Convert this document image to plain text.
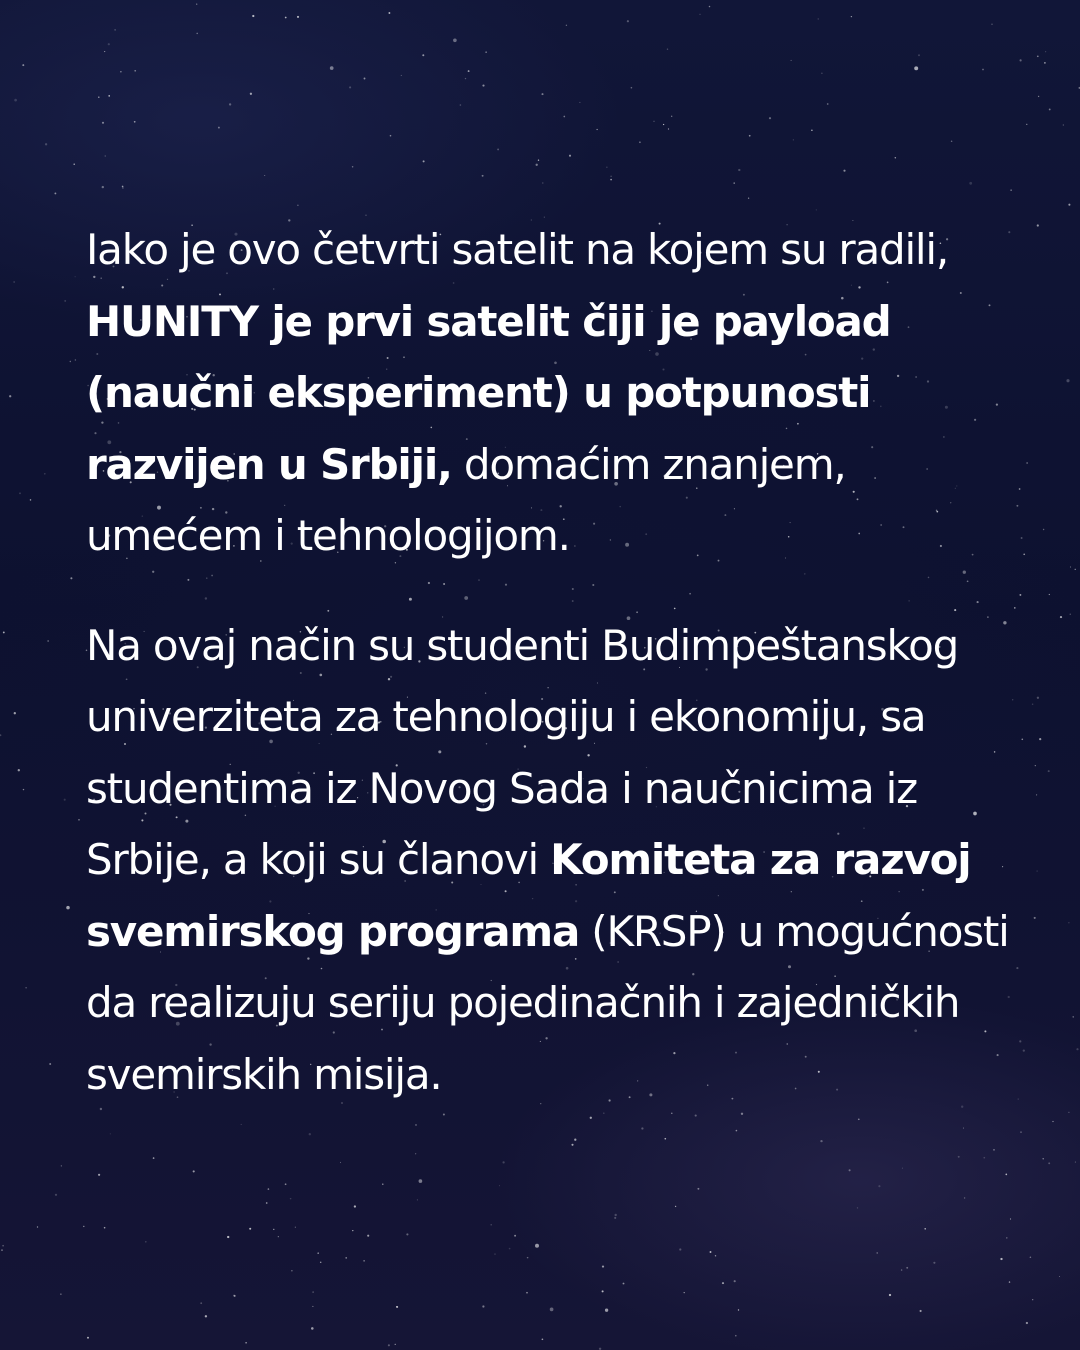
Iako je ovo četvrti satelit na kojem su radili, HUNITY je prvi satelit čiji je payload (naučni eksperiment) u potpunosti razvijen u Srbiji, domaćim znanjem, umećem i tehnologijom.

Na ovaj način su studenti Budimpeštanskog univerziteta za tehnologiju i ekonomiju, sa studentima iz Novog Sada i naučnicima iz Srbije, a koji su članovi Komiteta za razvoj svemirskog programa (KRSP) u mogućnosti da realizuju seriju pojedinačnih i zajedničkih svemirskih misija.
